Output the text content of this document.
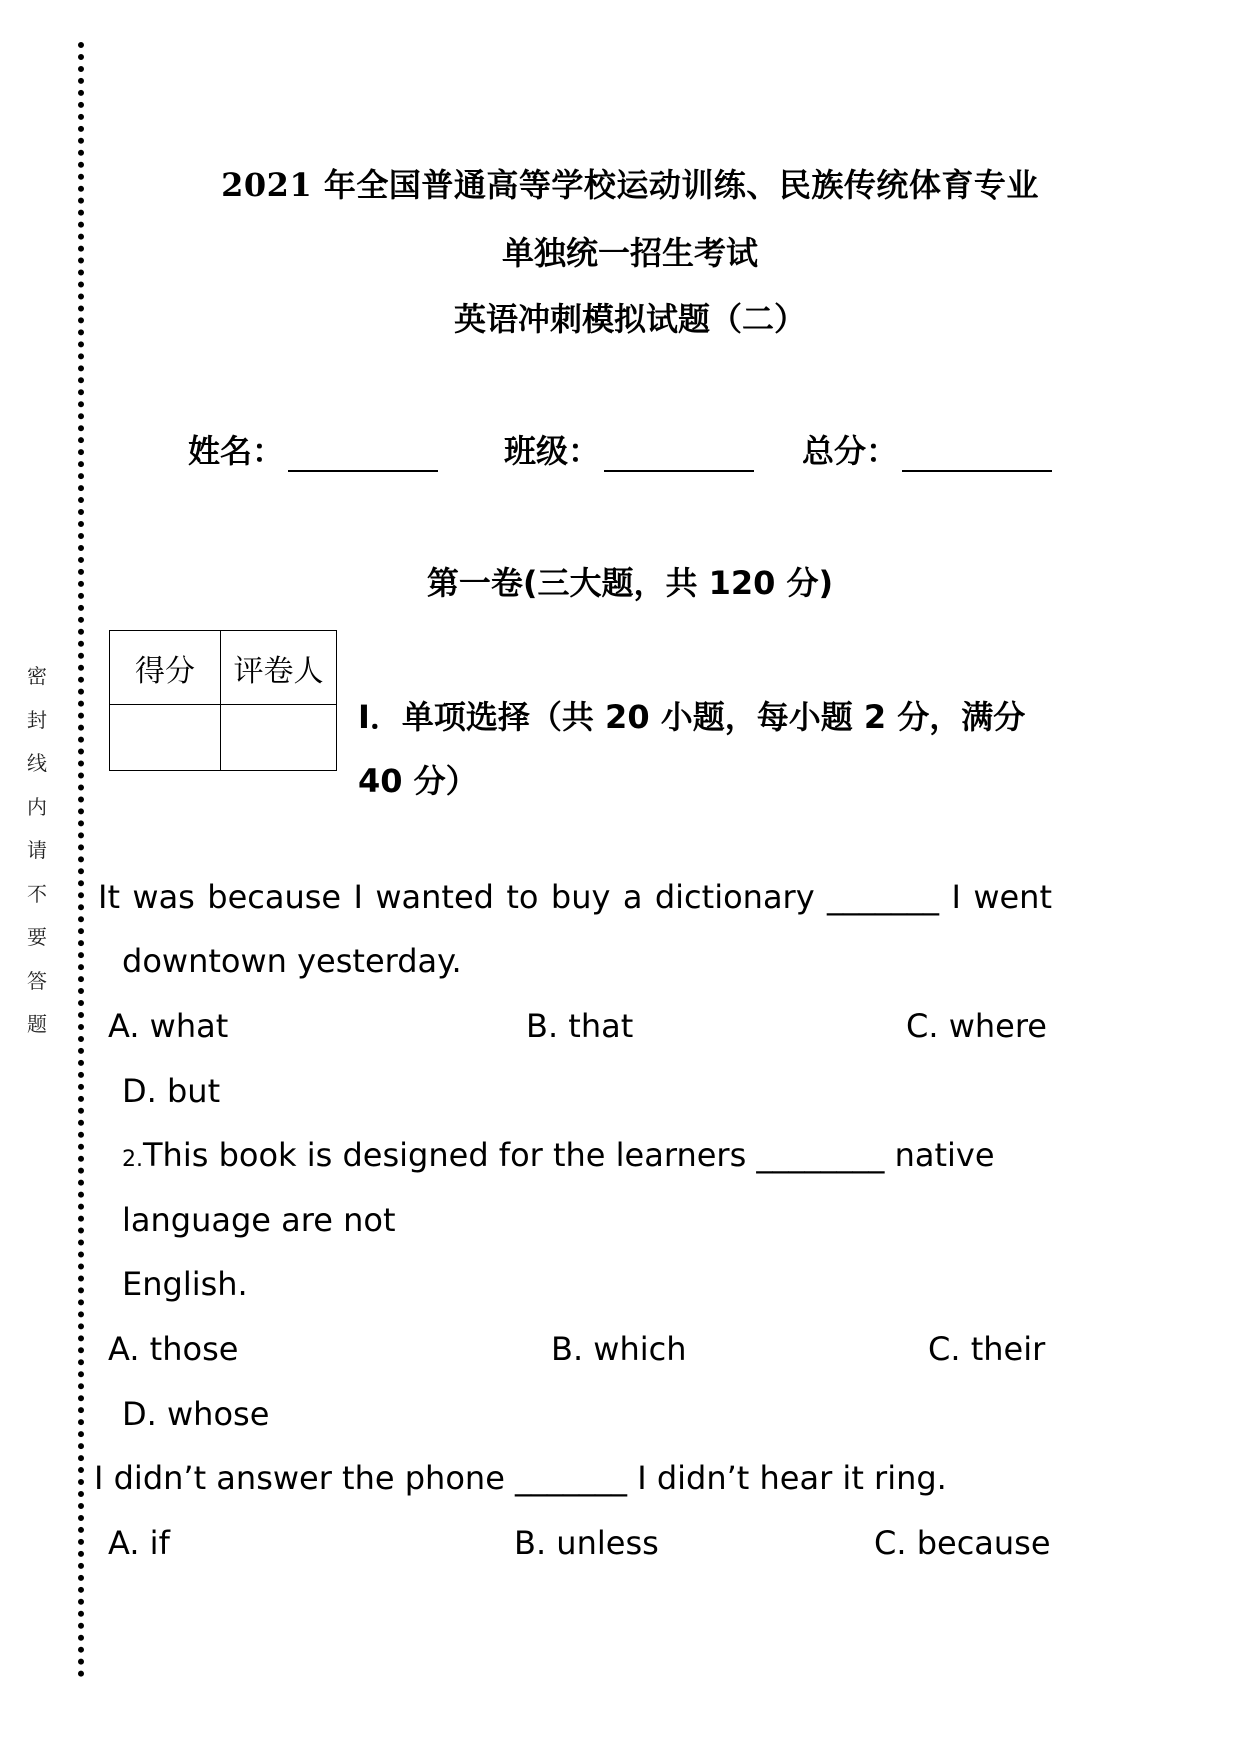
密
封
线
内
请
不
要
答
题
2021 年全国普通高等学校运动训练、民族传统体育专业
单独统一招生考试
英语冲刺模拟试题（二）
姓名：	班级：	总分：
第一卷(三大题，共 120 分)
得分	评卷人

I．单项选择（共 20 小题，每小题 2 分，满分 40 分）
It was because I wanted to buy a dictionary _______ I went
downtown yesterday.
A. what	B. that	C. where
D. but
2.This book is designed for the learners ________ native
language are not
English.
A. those	B. which	C. their
D. whose
I didn’t answer the phone _______ I didn’t hear it ring.
A. if	B. unless	C. because
